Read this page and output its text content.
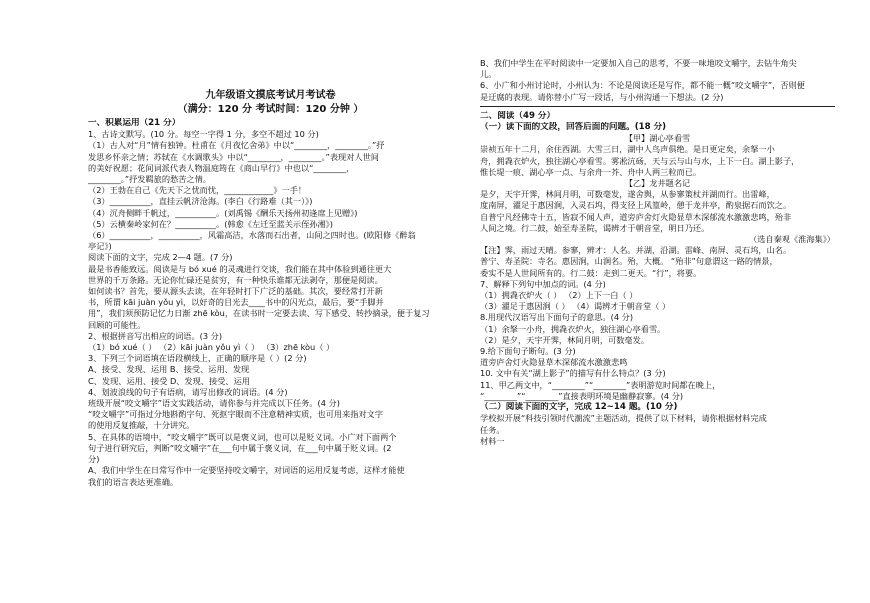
九年级语文摸底考试月考试卷
（满分：120 分 考试时间：120 分钟 ）
一、积累运用（21 分）
1、古诗文默写。(10 分。每空一字得 1 分，多空不超过 10 分)
（1）古人对“月”情有独钟。杜甫在《月夜忆舍弟》中以“________，________。”抒
发思乡怀亲之情；苏轼在《水调歌头》中以“________，________。”表现对人世间
的美好祝愿；花间词派代表人物温庭筠在《商山早行》中也以“________，
________。”抒发羁旅的愁苦之情。
（2）王勃在自己《先天下之忧而忧，____________》一手！
（3）__________，直挂云帆济沧海。(李白《行路难（其一）》)
（4）沉舟侧畔千帆过，__________。(刘禹锡《酬乐天扬州初逢席上见赠》)
（5）云横秦岭家何在？__________。(韩愈《左迁至蓝关示侄孙湘》)
（6）__________，__________，风霜高洁，水落而石出者，山间之四时也。(欧阳修《醉翁
亭记》)
阅读下面的文字，完成 2—4 题。(7 分)
最是书香能致远。阅读是与 bó xué 的灵魂进行交谈，我们能在其中体验到通往更大
世界的千万条路。无论你忙碌还是贫穷，有一种快乐谁都无法剥夺，那便是阅读。
如何读书？首先，要从源头去读，在年轻时打下广泛的基础。其次，要经常打开新
书，所谓 kāi juàn yǒu yì，以好奇的目光去____书中的闪光点，最后，要“手脚并
用”，我们须预防记忆力日渐 zhē kòu，在读书时一定要去读、写下感受、转抄摘录，便于复习
回顾的可能性。
2、根据拼音写出相应的词语。(3 分)
（1）bó xué（ ） （2）kāi juàn yǒu yì（ ） （3）zhē kòu（ ）
3、下列三个词语填在语段横线上，正确的顺序是（ ）(2 分)
A、接受、发现、运用 B、接受、运用、发现
C、发现、运用、接受 D、发现、接受、运用
4、划波浪线的句子有语病，请写出修改的词语。(4 分)
班级开展“咬文嚼字”语文实践活动，请你参与并完成以下任务。(4 分)
“咬文嚼字”可指过分地斟酌字句、死抠字眼而不注意精神实质，也可用来指对文字
的使用反复推敲，十分讲究。
5、在具体的语境中，“咬文嚼字”既可以是褒义词，也可以是贬义词。小广对下面两个
句子进行研究后，判断“咬文嚼字”在___句中属于褒义词，在___句中属于贬义词。(2
分)
A、我们中学生在日常写作中一定要坚持咬文嚼字，对词语的运用反复考虑，这样才能使
我们的语言表达更准确。
B、我们中学生在平时阅读中一定要加入自己的思考，不要一味地咬文嚼字，去钻牛角尖
儿。
6、小广和小州讨论时，小州认为：不论是阅读还是写作，都不能一概“咬文嚼字”，否则便
是迂腐的表现。请你替小广写一段话，与小州沟通一下想法。(2 分)
二、阅读（49 分）
（一）读下面的文段，回答后面的问题。(18 分)
【甲】湖心亭看雪
崇祯五年十二月，余住西湖。大雪三日，湖中人鸟声俱绝。是日更定矣，余拏一小
舟，拥毳衣炉火，独往湖心亭看雪。雾凇沆砀，天与云与山与水，上下一白。湖上影子，
惟长堤一痕、湖心亭一点、与余舟一芥、舟中人两三粒而已。
【乙】龙井题名记
是夕，天宇开霁，林间月明，可数毫发，遂舍舆，从参寥策杖并湖而行。出雷峰，
度南屏，濯足于惠因涧，入灵石坞，得支径上风篁岭，憩于龙井亭，酌泉据石而饮之。
自普宁凡经佛寺十五，皆寂不闻人声，道旁庐舍灯火隐显草木深郁流水激激悲鸣，殆非
人间之境。行二鼓，始至寿圣院，谒辨才于朝音堂，明日乃还。
（选自秦观《淮海集》）
【注】霁，雨过天晴。参寥，辨才：人名。并湖，沿湖。雷峰、南屏、灵石坞，山名。
普宁、寿圣院：寺名。惠因涧，山涧名。殆，大概。 “殆非”句意谓这一路的情景，
委实不是人世间所有的。行二鼓：走到二更天。“行”，将要。
7、解释下列句中加点的词。(4 分)
（1）拥毳衣炉火（ ） （2）上下一白（ ）
（3）濯足于惠因涧（ ） （4）谒辨才于朝音堂（ ）
8.用现代汉语写出下面句子的意思。(4 分)
（1）余拏一小舟，拥毳衣炉火，独往湖心亭看雪。
（2）是夕，天宇开霁，林间月明，可数毫发。
9.给下面句子断句。(3 分)
道旁庐舍灯火隐显草木深郁流水激激悲鸣
10. 文中有关“湖上影子”的描写有什么特点？(3 分)
11、甲乙两文中，“________”“________”表明游览时间都在晚上，
“________”“________”直接表明环境是幽静寂寥。(4 分)
（二）阅读下面的文字，完成 12~14 题。(10 分)
学校拟开展“科技引领时代潮流”主题活动，提供了以下材料，请你根据材料完成
任务。
材料一
